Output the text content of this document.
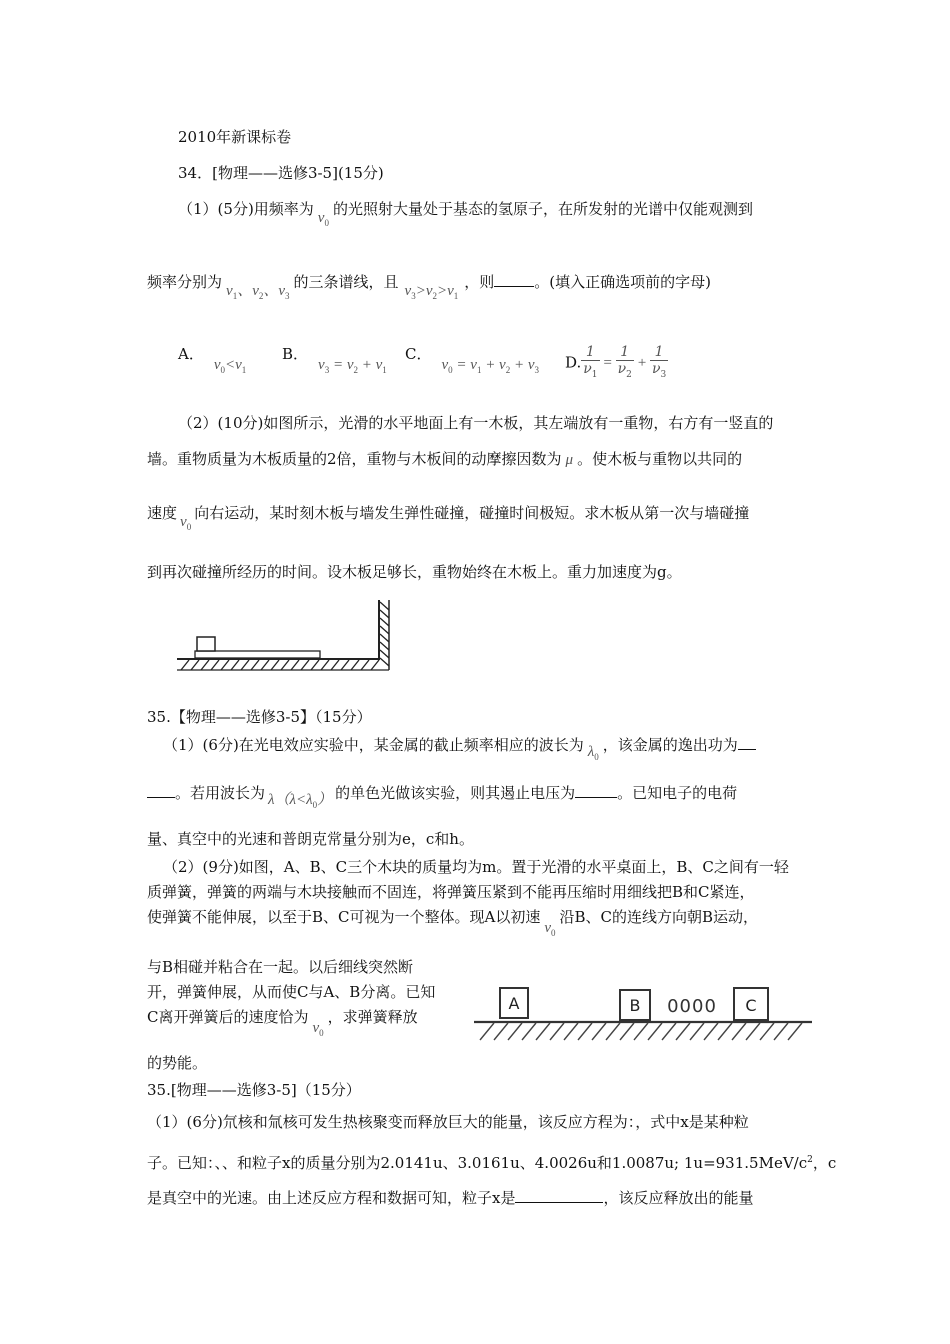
2010年新课标卷
34．[物理——选修3-5](15分)
（1）(5分)用频率为 $\nu_0$的光照射大量处于基态的氢原子，在所发射的光谱中仅能观测到
频率分别为 $\nu_1$、$\nu_2$、$\nu_3$的三条谱线，且 $\nu_3>\nu_2>\nu_1$，则	。(填入正确选项前的字母)
A．$\nu_0<\nu_1$
B．$\nu_3 = \nu_2 + \nu_1$
C．$\nu_0 = \nu_1 + \nu_2 + \nu_3$ D. $\frac{1}{\nu_1} = \frac{1}{\nu_2} + \frac{1}{\nu_3}$
（2）(10分)如图所示，光滑的水平地面上有一木板，其左端放有一重物，右方有一竖直的
墙。重物质量为木板质量的2倍，重物与木板间的动摩擦因数为 μ 。使木板与重物以共同的
速度 $v_0$向右运动，某时刻木板与墙发生弹性碰撞，碰撞时间极短。求木板从第一次与墙碰撞
到再次碰撞所经历的时间。设木板足够长，重物始终在木板上。重力加速度为g。
35.【物理——选修3-5】（15分）
（1）(6分)在光电效应实验中，某金属的截止频率相应的波长为 $\lambda_0$，该金属的逸出功为
。若用波长为 $\lambda(\lambda<\lambda_0)$ 的单色光做该实验，则其遏止电压为	。已知电子的电荷
量、真空中的光速和普朗克常量分别为e，c和h。
（2）(9分)如图，A、B、C三个木块的质量均为m。置于光滑的水平桌面上，B、C之间有一轻
质弹簧，弹簧的两端与木块接触而不固连，将弹簧压紧到不能再压缩时用细线把B和C紧连，
使弹簧不能伸展，以至于B、C可视为一个整体。现A以初速$v_0$沿B、C的连线方向朝B运动，
与B相碰并粘合在一起。以后细线突然断
开，弹簧伸展，从而使C与A、B分离。已知
C离开弹簧后的速度恰为$v_0$，求弹簧释放
的势能。
A	B 0000 C
35.[物理——选修3-5]（15分）
（1）(6分)氘核和氚核可发生热核聚变而释放巨大的能量，该反应方程为：，式中x是某种粒
子。已知：、、和粒子x的质量分别为2.0141u、3.0161u、4.0026u和1.0087u; $1u=931.5MeV/c^2$，c
是真空中的光速。由上述反应方程和数据可知，粒子x是	，该反应释放出的能量
